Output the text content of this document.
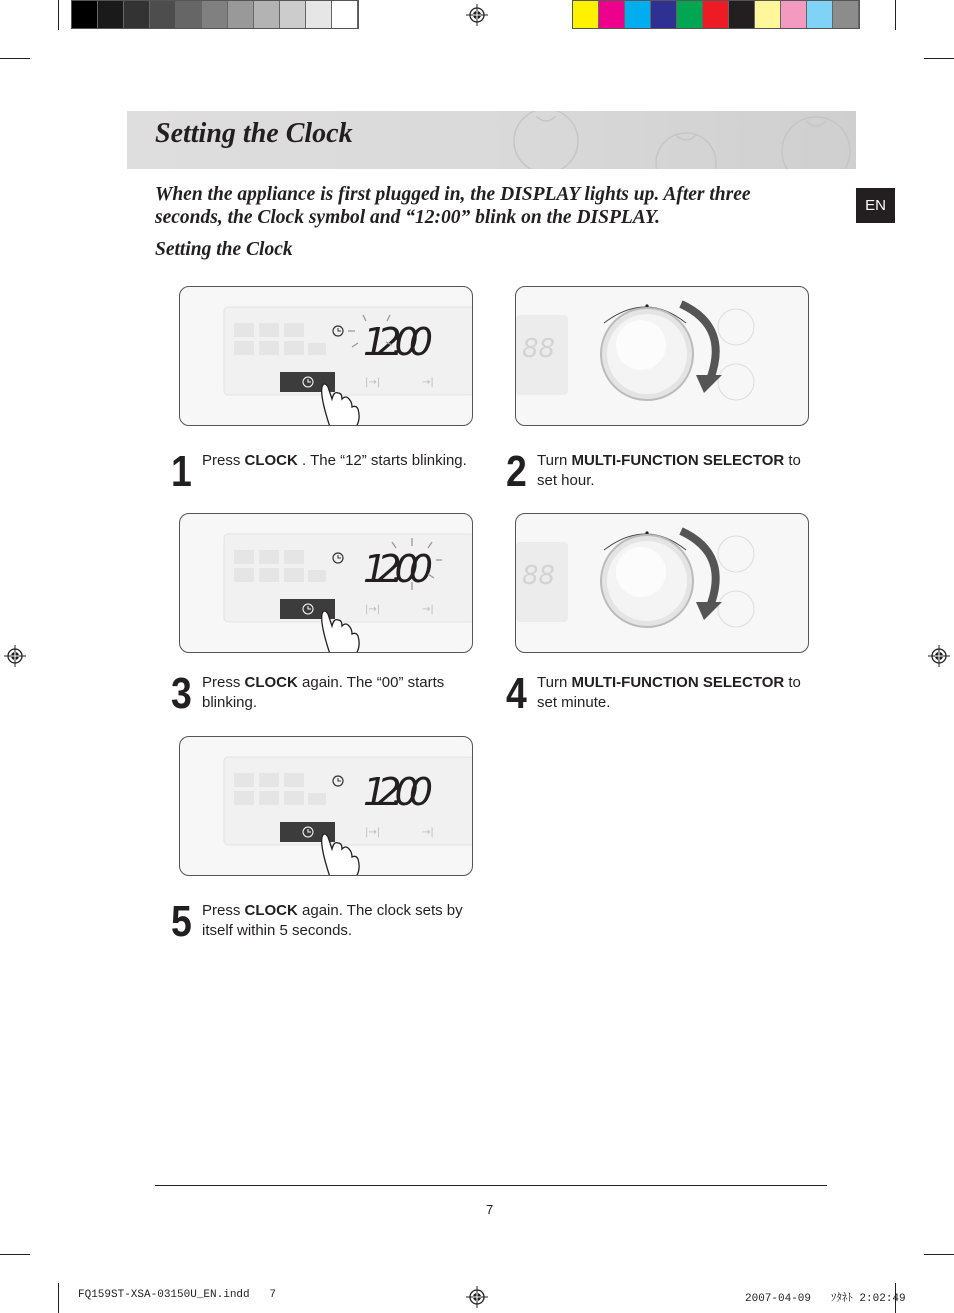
Setting the Clock
EN

When the appliance is first plugged in, the DISPLAY lights up. After three seconds, the Clock symbol and “12:00” blink on the DISPLAY.

Setting the Clock

12:00
|→|	→|
88
1 Press CLOCK . The “12” starts blinking. 2 Turn MULTI-FUNCTION SELECTOR to set hour.
12:00
|→|	→|
88
3 Press CLOCK again. The “00” starts blinking.	4 Turn MULTI-FUNCTION SELECTOR to set minute.
12:00
|→|	→|
5 Press CLOCK again. The clock sets by itself within 5 seconds.
7
FQ159ST-XSA-03150U_EN.indd   7	2007-04-09   ｿﾀﾈﾄ 2:02:49
